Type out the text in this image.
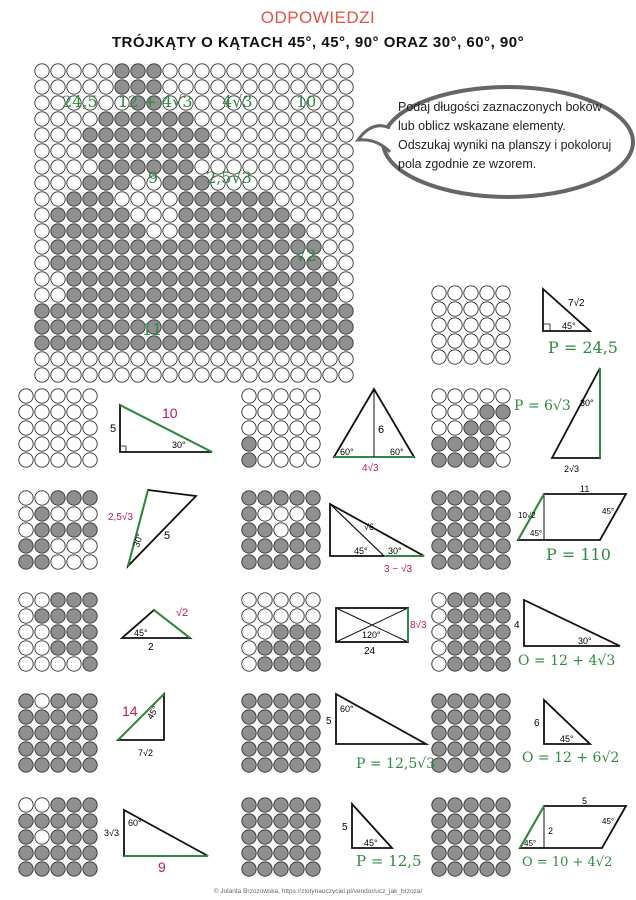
ODPOWIEDZI
TRÓJKĄTY O KĄTACH 45°, 45°, 90° ORAZ 30°, 60°, 90°
24,5 12 + 4√3 4√3	10
9	2,5√3
11
√2
Podaj długości zaznaczonych boków lub oblicz wskazane elementy. Odszukaj wyniki na planszy i pokoloruj pola zgodnie ze wzorem.
7√2
45°
P = 24,5
5
10
30°
6
60°	60°
4√3
P = 6√3 30°
2√3
2,5√3
30° 5
√6
45° 30°
3 − √3
11
10√2
45°
45°
P = 110
45°
√2
2
120°
8√3
24
4
30°
O = 12 + 4√3
14 45°
7√2
5
60°
P = 12,5√3
6
45°
O = 12 + 6√2
3√3
60°
9
5
45°
P = 12,5
5
2
45°
45°
O = 10 + 4√2
© Jolanta Brzozowska, https://zlotynauczyciel.pl/vendor/ucz_jak_brzoza/
